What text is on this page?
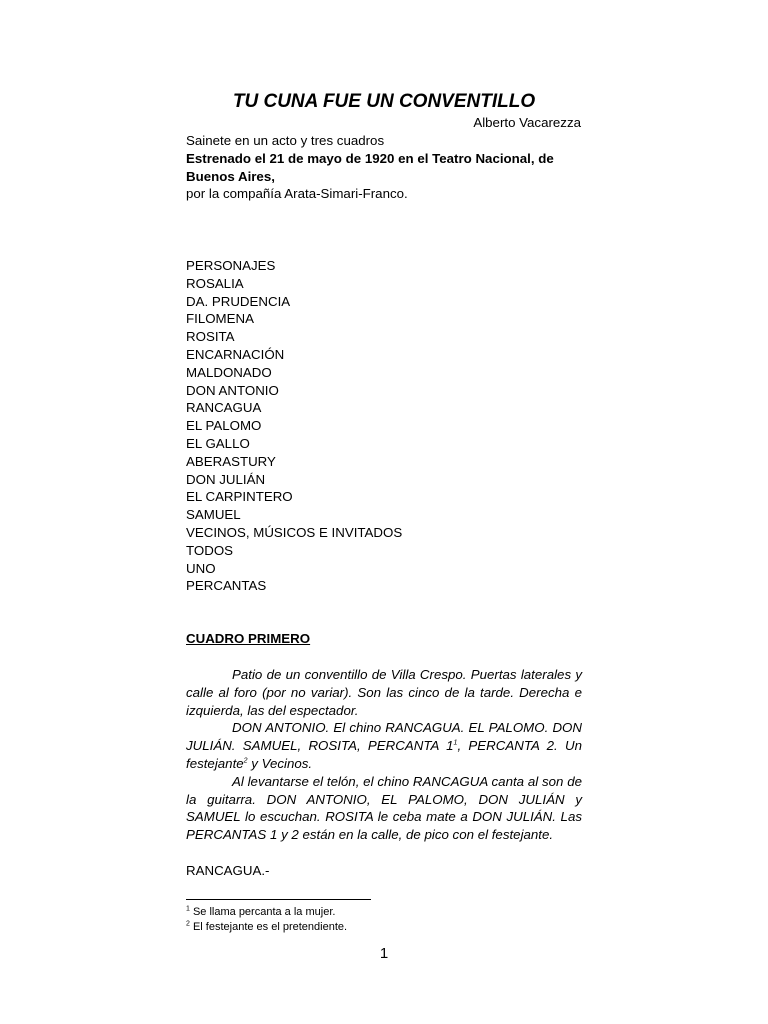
TU CUNA FUE UN CONVENTILLO
Alberto Vacarezza
Sainete en un acto y tres cuadros
Estrenado el 21 de mayo de 1920 en el Teatro Nacional, de Buenos Aires,
por la compañía Arata-Simari-Franco.
PERSONAJES
ROSALIA
DA. PRUDENCIA
FILOMENA
ROSITA
ENCARNACIÓN
MALDONADO
DON ANTONIO
RANCAGUA
EL PALOMO
EL GALLO
ABERASTURY
DON JULIÁN
EL CARPINTERO
SAMUEL
VECINOS, MÚSICOS E INVITADOS
TODOS
UNO
PERCANTAS
CUADRO PRIMERO

Patio de un conventillo de Villa Crespo. Puertas laterales y calle al foro (por no variar). Son las cinco de la tarde. Derecha e izquierda, las del espectador.

DON ANTONIO. El chino RANCAGUA. EL PALOMO. DON JULIÁN. SAMUEL, ROSITA, PERCANTA $1^1$, PERCANTA 2. Un festejante$^2$ y Vecinos.

Al levantarse el telón, el chino RANCAGUA canta al son de la guitarra. DON ANTONIO, EL PALOMO, DON JULIÁN y SAMUEL lo escuchan. ROSITA le ceba mate a DON JULIÁN. Las PERCANTAS 1 y 2 están en la calle, de pico con el festejante.

RANCAGUA.-
$^1$ Se llama percanta a la mujer.
$^2$ El festejante es el pretendiente.
1
